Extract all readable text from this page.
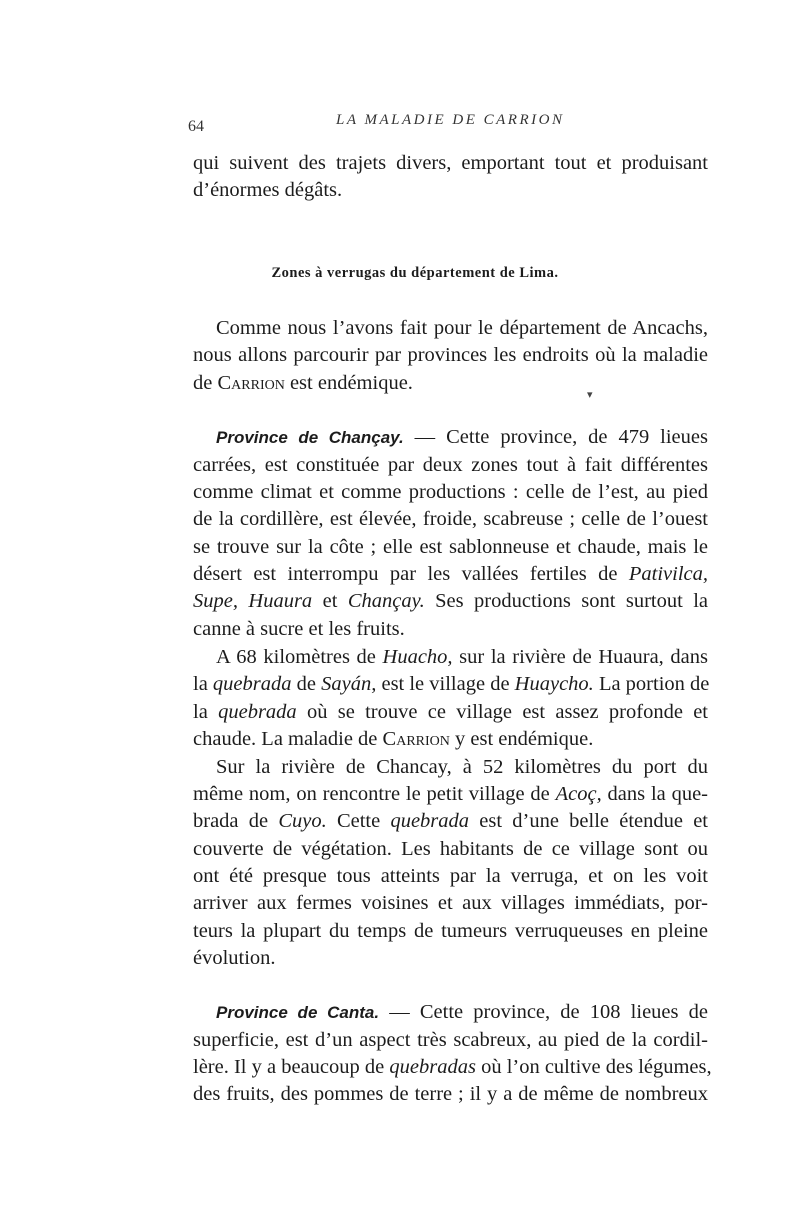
64	LA MALADIE DE CARRION
qui suivent des trajets divers, emportant tout et produisant
d’énormes dégâts.
Zones à verrugas du département de Lima.
Comme nous l’avons fait pour le département de Ancachs,
nous allons parcourir par provinces les endroits où la maladie
de Carrion est endémique.
▾
Province de Chançay. — Cette province, de 479 lieues
carrées, est constituée par deux zones tout à fait différentes
comme climat et comme productions : celle de l’est, au pied
de la cordillère, est élevée, froide, scabreuse ; celle de l’ouest
se trouve sur la côte ; elle est sablonneuse et chaude, mais le
désert est interrompu par les vallées fertiles de Pativilca,
Supe, Huaura et Chançay. Ses productions sont surtout la
canne à sucre et les fruits.
A 68 kilomètres de Huacho, sur la rivière de Huaura, dans
la quebrada de Sayán, est le village de Huaycho. La portion de
la quebrada où se trouve ce village est assez profonde et
chaude. La maladie de Carrion y est endémique.
Sur la rivière de Chancay, à 52 kilomètres du port du
même nom, on rencontre le petit village de Acoç, dans la que-
brada de Cuyo. Cette quebrada est d’une belle étendue et
couverte de végétation. Les habitants de ce village sont ou
ont été presque tous atteints par la verruga, et on les voit
arriver aux fermes voisines et aux villages immédiats, por-
teurs la plupart du temps de tumeurs verruqueuses en pleine
évolution.
Province de Canta. — Cette province, de 108 lieues de
superficie, est d’un aspect très scabreux, au pied de la cordil-
lère. Il y a beaucoup de quebradas où l’on cultive des légumes,
des fruits, des pommes de terre ; il y a de même de nombreux
